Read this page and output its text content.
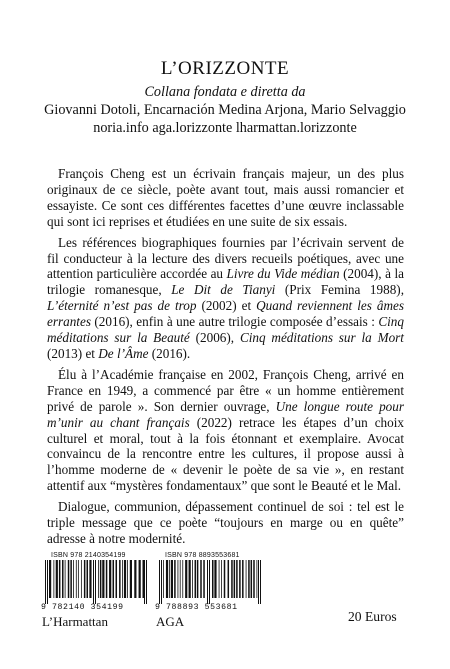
L’ORIZZONTE
Collana fondata e diretta da
Giovanni Dotoli, Encarnación Medina Arjona, Mario Selvaggio
noria.info aga.lorizzonte lharmattan.lorizzonte

François Cheng est un écrivain français majeur, un des plus originaux de ce siècle, poète avant tout, mais aussi romancier et essayiste. Ce sont ces différentes facettes d’une œuvre inclassable qui sont ici reprises et étudiées en une suite de six essais.

Les références biographiques fournies par l’écrivain servent de fil conducteur à la lecture des divers recueils poétiques, avec une attention particulière accordée au Livre du Vide médian (2004), à la trilogie romanesque, Le Dit de Tianyi (Prix Femina 1988), L’éternité n’est pas de trop (2002) et Quand reviennent les âmes errantes (2016), enfin à une autre trilogie composée d’essais : Cinq méditations sur la Beauté (2006), Cinq méditations sur la Mort (2013) et De l’Âme (2016).

Élu à l’Académie française en 2002, François Cheng, arrivé en France en 1949, a commencé par être « un homme entièrement privé de parole ». Son dernier ouvrage, Une longue route pour m’unir au chant français (2022) retrace les étapes d’un choix culturel et moral, tout à la fois étonnant et exemplaire. Avocat convaincu de la rencontre entre les cultures, il propose aussi à l’homme moderne de « devenir le poète de sa vie », en restant attentif aux “mystères fondamentaux” que sont le Beauté et le Mal.

Dialogue, communion, dépassement continuel de soi : tel est le triple message que ce poète “toujours en marge ou en quête” adresse à notre modernité.

ISBN 978 2140354199
9 782140 354199
L’Harmattan
ISBN 978 8893553681
9 788893 553681
AGA	20 Euros
